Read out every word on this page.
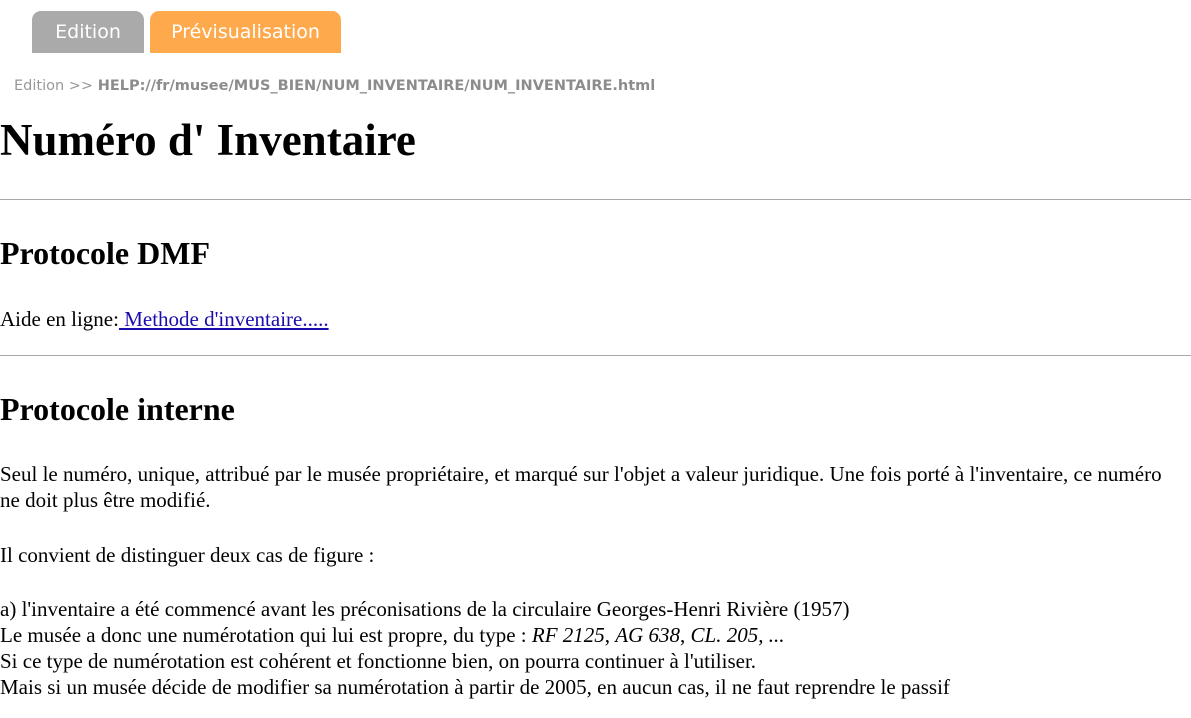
Edition	Prévisualisation
Edition >> HELP://fr/musee/MUS_BIEN/NUM_INVENTAIRE/NUM_INVENTAIRE.html
Numéro d' Inventaire
Protocole DMF

Aide en ligne: Methode d'inventaire.....

Protocole interne

Seul le numéro, unique, attribué par le musée propriétaire, et marqué sur l'objet a valeur juridique. Une fois porté à l'inventaire, ce numéro ne doit plus être modifié.

Il convient de distinguer deux cas de figure :

a) l'inventaire a été commencé avant les préconisations de la circulaire Georges-Henri Rivière (1957)
Le musée a donc une numérotation qui lui est propre, du type : RF 2125, AG 638, CL. 205, ...
Si ce type de numérotation est cohérent et fonctionne bien, on pourra continuer à l'utiliser.
Mais si un musée décide de modifier sa numérotation à partir de 2005, en aucun cas, il ne faut reprendre le passif
